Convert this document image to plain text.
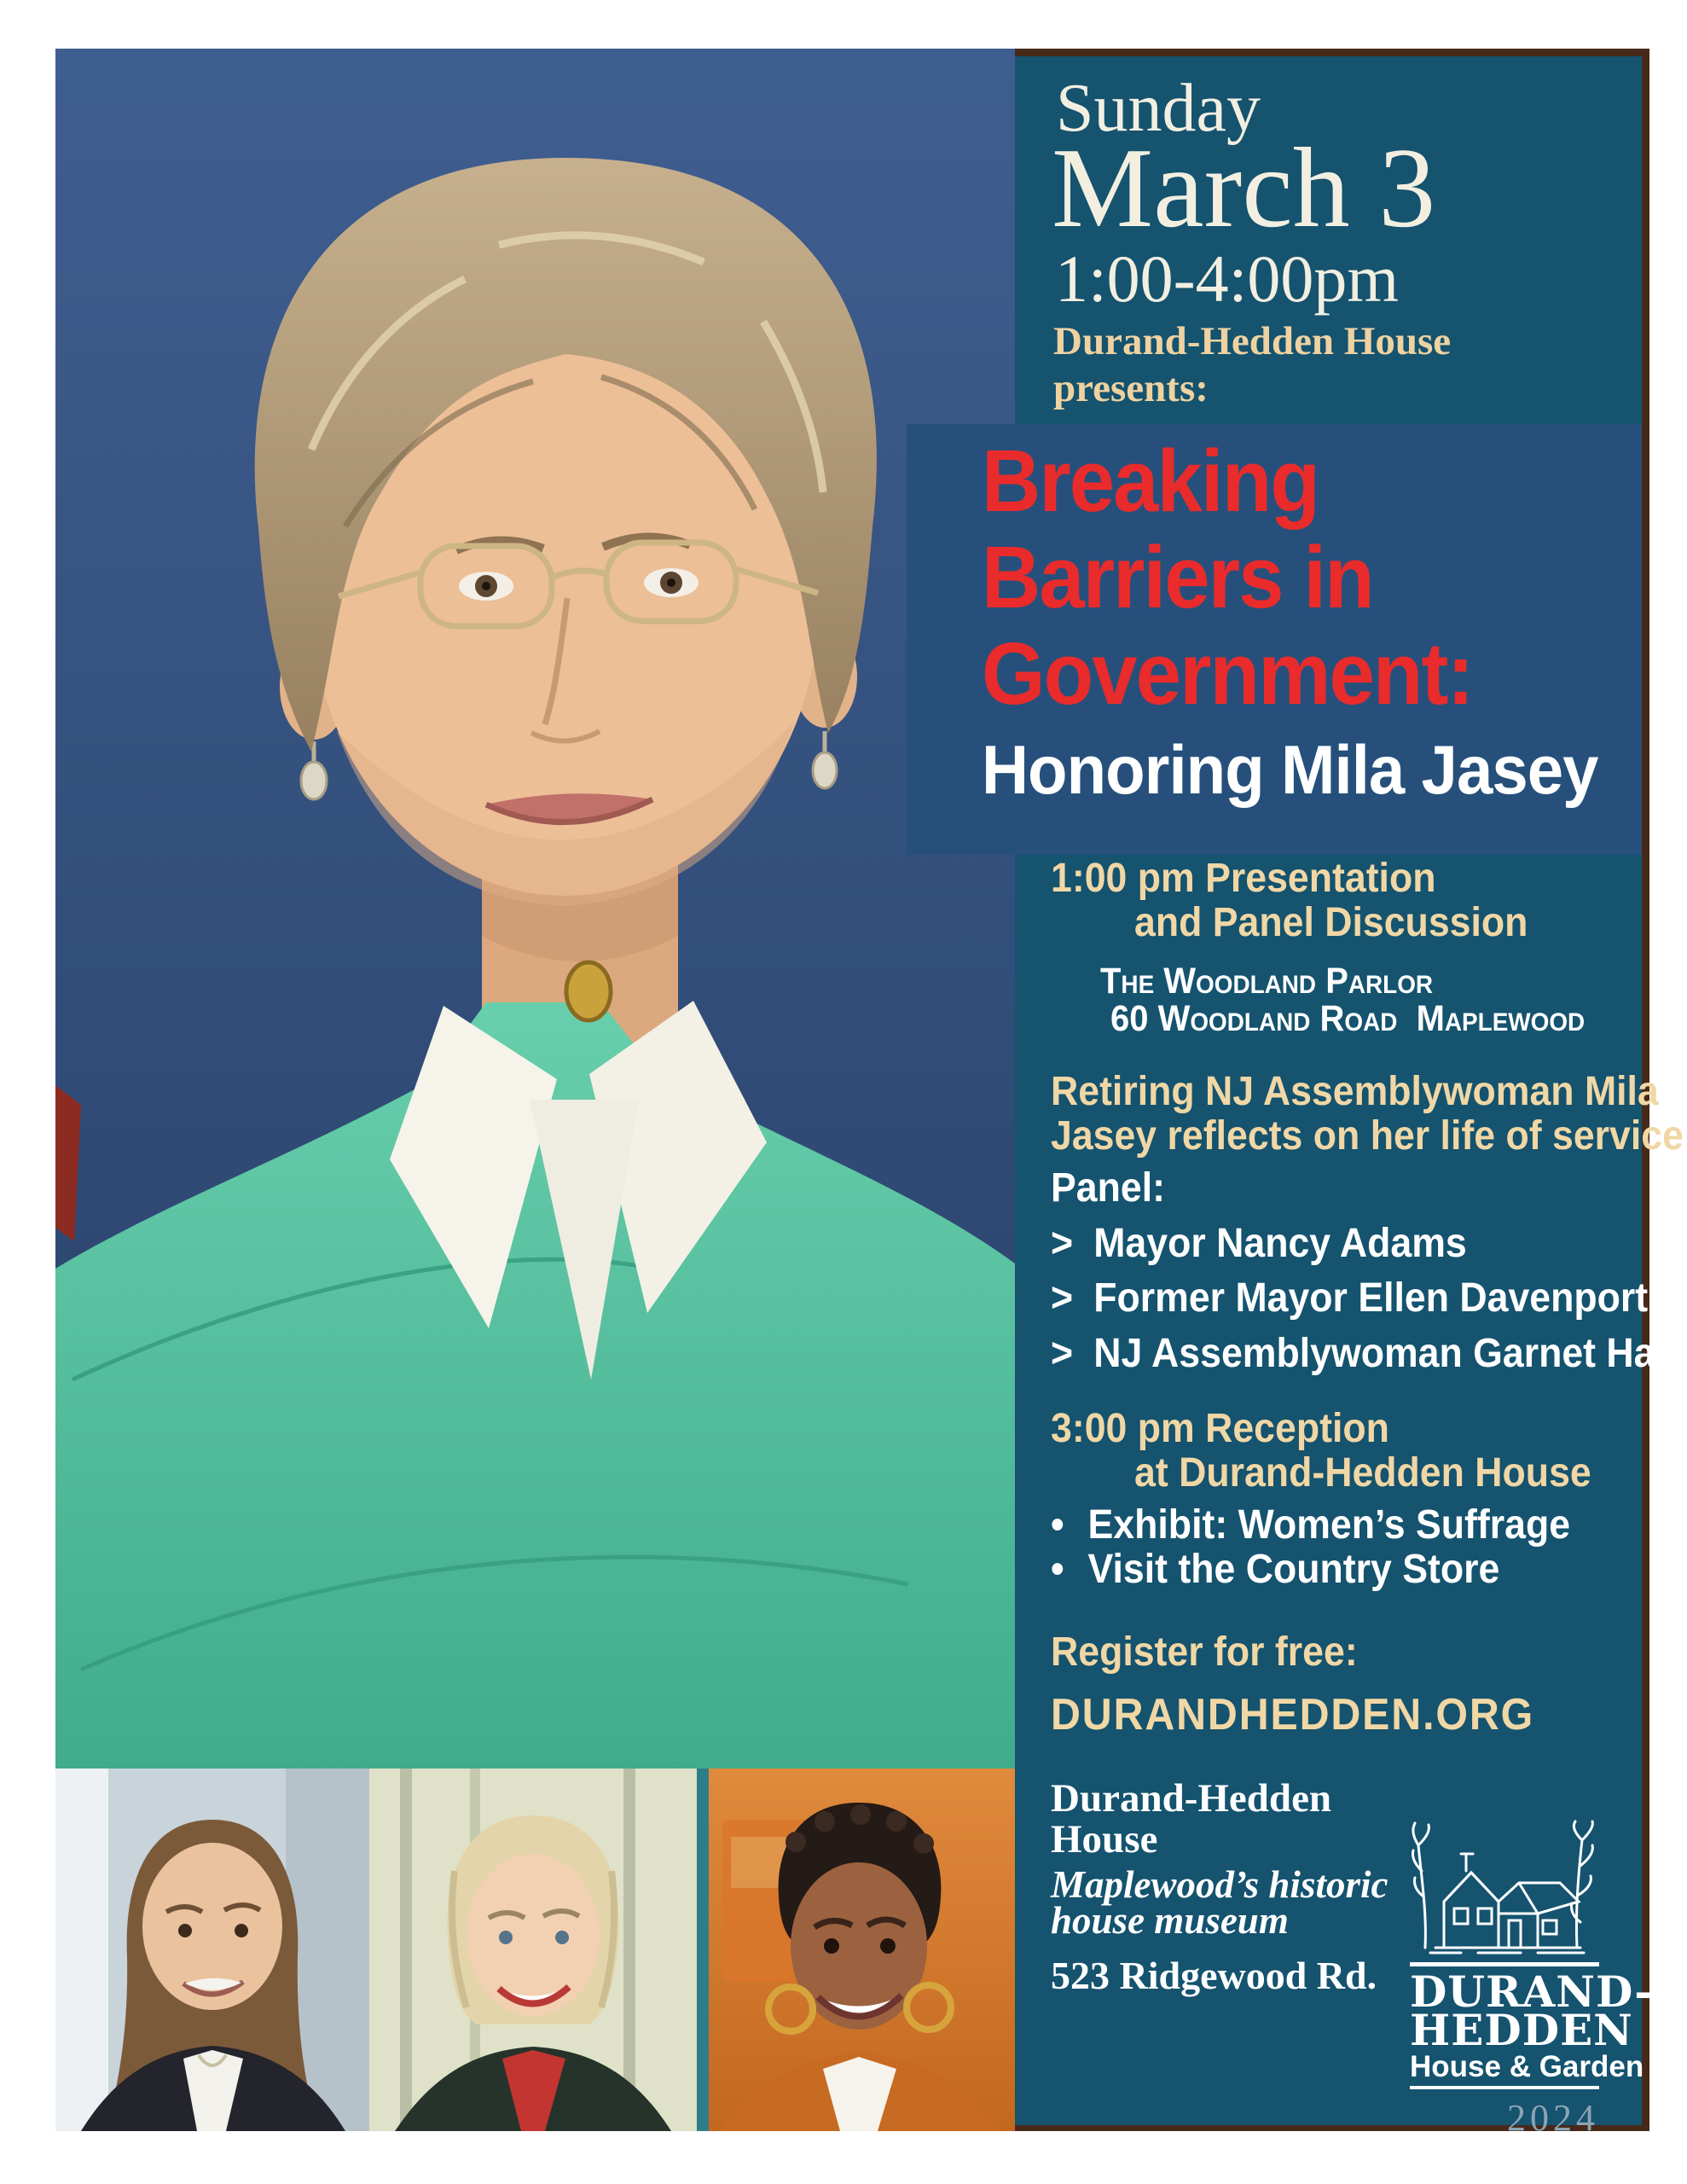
Sunday
March 3
1:00-4:00pm
Durand-Hedden House
presents:
Breaking
Barriers in
Government:
Honoring Mila Jasey
1:00 pm Presentation
and Panel Discussion
The Woodland Parlor
60 Woodland Road  Maplewood
Retiring NJ Assemblywoman Mila
Jasey reflects on her life of service
Panel:
> Mayor Nancy Adams
> Former Mayor Ellen Davenport
> NJ Assemblywoman Garnet Hall
3:00 pm Reception
at Durand-Hedden House
• Exhibit: Women’s Suffrage
• Visit the Country Store
Register for free:
DURANDHEDDEN.ORG
Durand-Hedden
House
Maplewood’s historic
house museum
523 Ridgewood Rd. DURAND-
HEDDEN
House & Garden
2024
